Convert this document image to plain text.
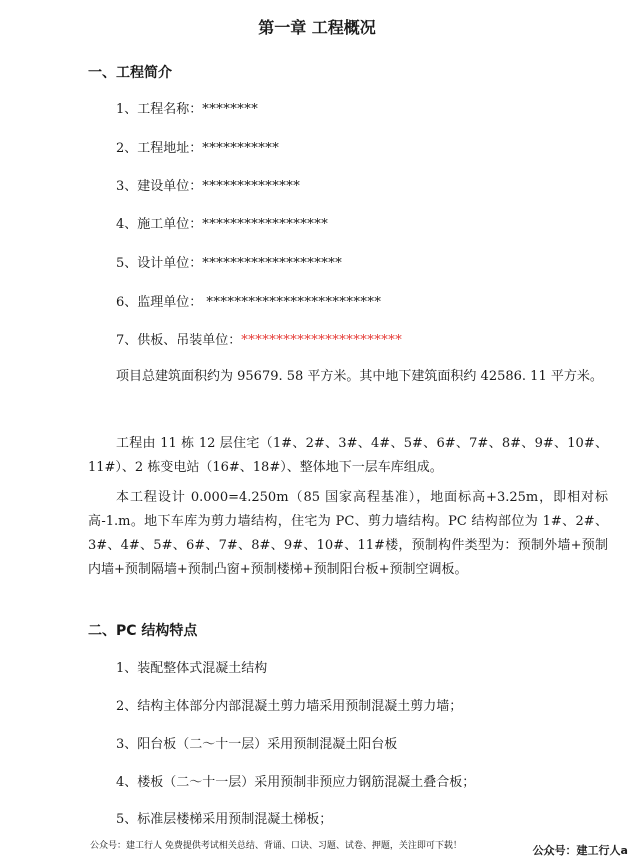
第一章 工程概况
一、工程简介
1、工程名称：********
2、工程地址：***********
3、建设单位：**************
4、施工单位：******************
5、设计单位：********************
6、监理单位： *************************
7、供板、吊装单位：***********************
项目总建筑面积约为 95679. 58 平方米。其中地下建筑面积约 42586. 11 平方米。
工程由 11 栋 12 层住宅（1#、2#、3#、4#、5#、6#、7#、8#、9#、10#、11#）、2 栋变电站（16#、18#）、整体地下一层车库组成。
本工程设计 0.000=4.250m（85 国家高程基准），地面标高+3.25m，即相对标高-1.m。地下车库为剪力墙结构，住宅为 PC、剪力墙结构。PC 结构部位为 1#、2#、3#、4#、5#、6#、7#、8#、9#、10#、11#楼，预制构件类型为：预制外墙+预制内墙+预制隔墙+预制凸窗+预制楼梯+预制阳台板+预制空调板。
二、PC 结构特点
1、装配整体式混凝土结构
2、结构主体部分内部混凝土剪力墙采用预制混凝土剪力墙；
3、阳台板（二～十一层）采用预制混凝土阳台板
4、楼板（二～十一层）采用预制非预应力钢筋混凝土叠合板；
5、标准层楼梯采用预制混凝土梯板；
公众号：建工行人 免费提供考试相关总结、背诵、口诀、习题、试卷、押题，关注即可下载！	公众号：建工行人a
